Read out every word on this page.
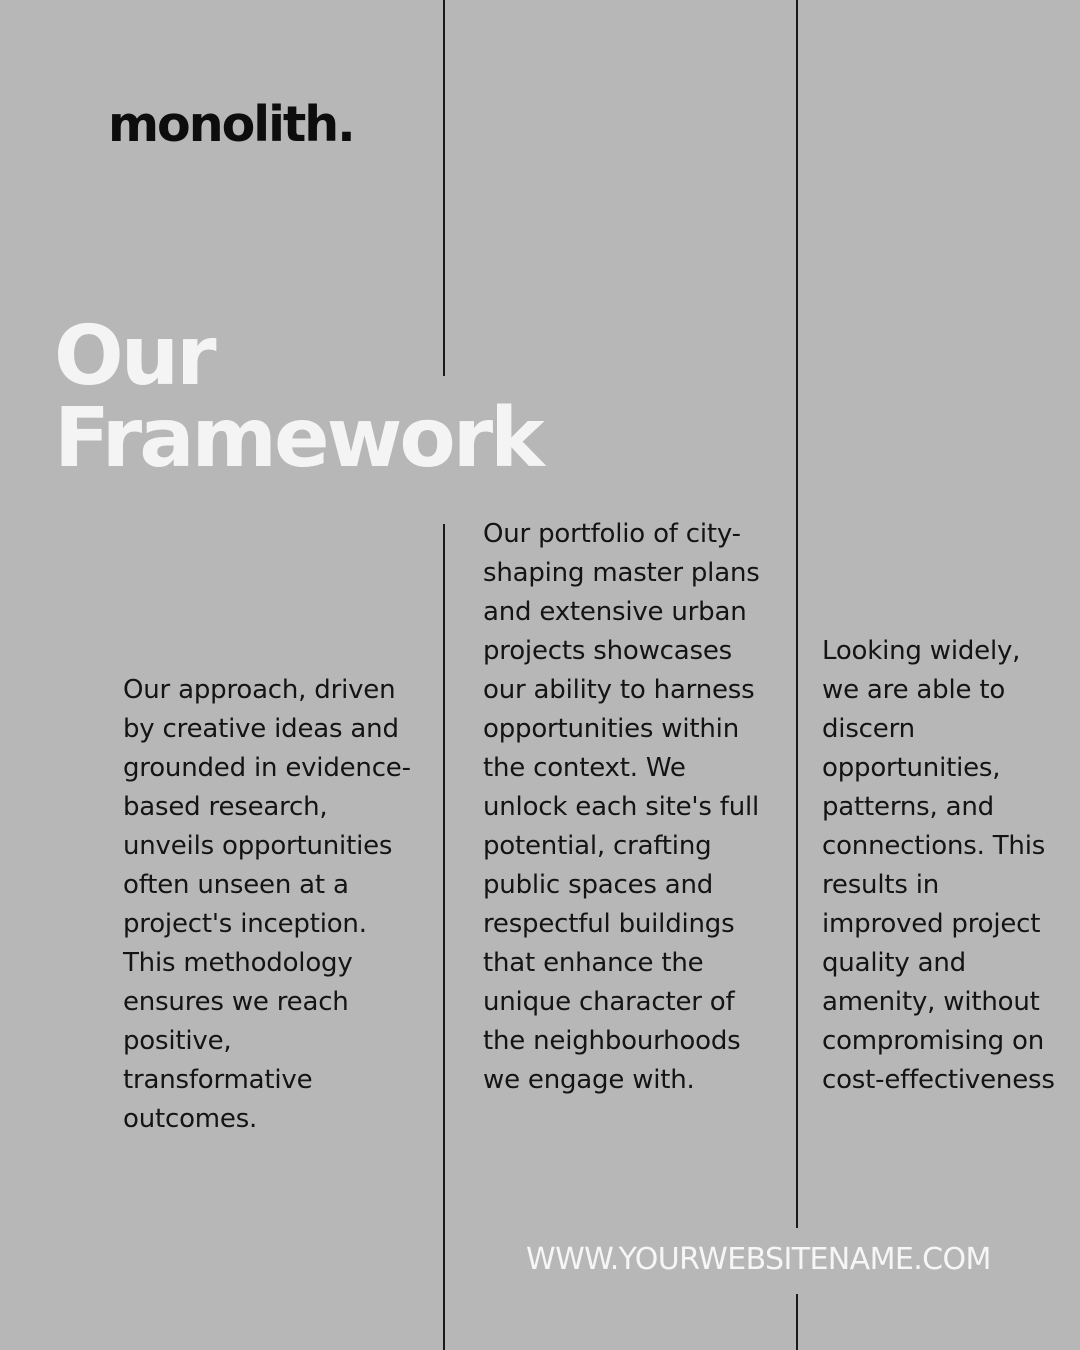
monolith.
Our
Framework

Our approach, driven by creative ideas and grounded in evidence-based research, unveils opportunities often unseen at a project's inception. This methodology ensures we reach positive, transformative outcomes.

Our portfolio of city-shaping master plans and extensive urban projects showcases our ability to harness opportunities within the context. We unlock each site's full potential, crafting public spaces and respectful buildings that enhance the unique character of the neighbourhoods we engage with.

Looking widely, we are able to discern opportunities, patterns, and connections. This results in improved project quality and amenity, without compromising on cost-effectiveness

WWW.YOURWEBSITENAME.COM
